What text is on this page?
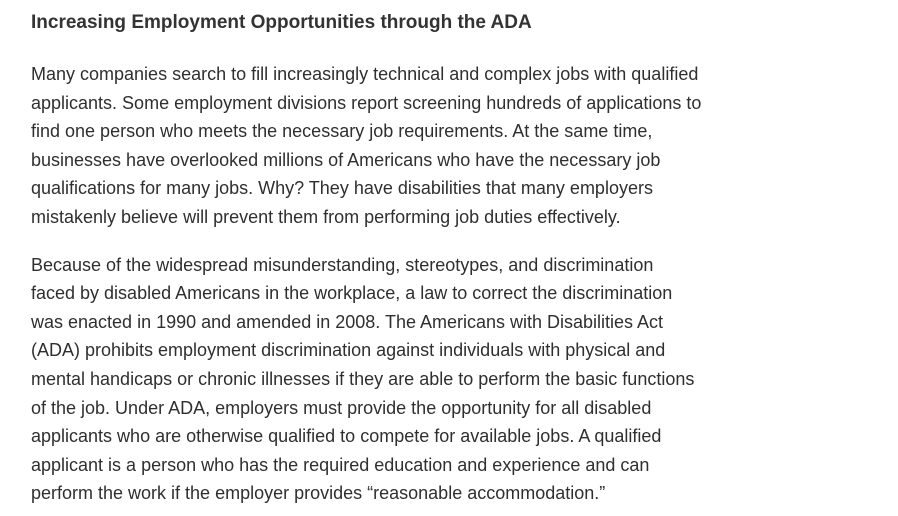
Increasing Employment Opportunities through the ADA

Many companies search to fill increasingly technical and complex jobs with qualified
applicants. Some employment divisions report screening hundreds of applications to
find one person who meets the necessary job requirements. At the same time,
businesses have overlooked millions of Americans who have the necessary job
qualifications for many jobs. Why? They have disabilities that many employers
mistakenly believe will prevent them from performing job duties effectively.

Because of the widespread misunderstanding, stereotypes, and discrimination
faced by disabled Americans in the workplace, a law to correct the discrimination
was enacted in 1990 and amended in 2008. The Americans with Disabilities Act
(ADA) prohibits employment discrimination against individuals with physical and
mental handicaps or chronic illnesses if they are able to perform the basic functions
of the job. Under ADA, employers must provide the opportunity for all disabled
applicants who are otherwise qualified to compete for available jobs. A qualified
applicant is a person who has the required education and experience and can
perform the work if the employer provides “reasonable accommodation.”
